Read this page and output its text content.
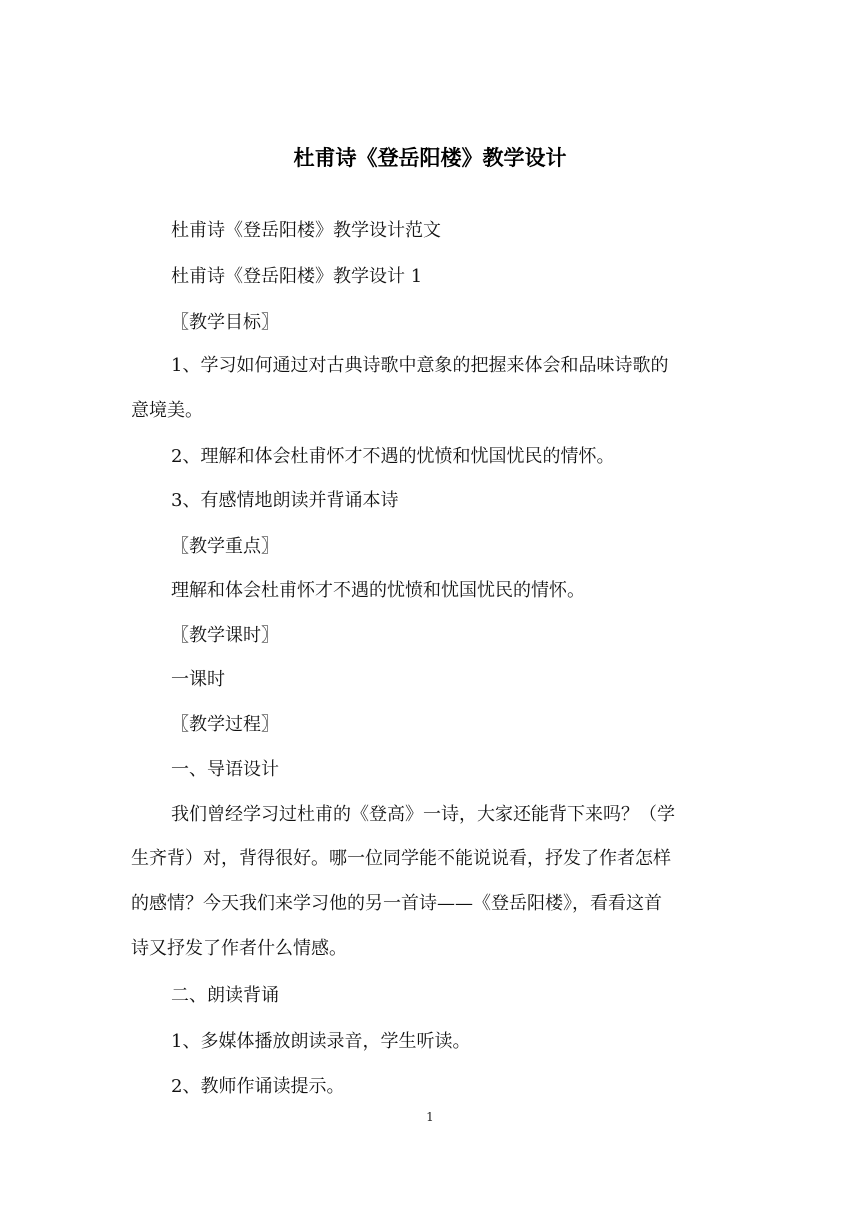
杜甫诗《登岳阳楼》教学设计
杜甫诗《登岳阳楼》教学设计范文
杜甫诗《登岳阳楼》教学设计 1
〖教学目标〗
1、学习如何通过对古典诗歌中意象的把握来体会和品味诗歌的
意境美。
2、理解和体会杜甫怀才不遇的忧愤和忧国忧民的情怀。
3、有感情地朗读并背诵本诗
〖教学重点〗
理解和体会杜甫怀才不遇的忧愤和忧国忧民的情怀。
〖教学课时〗
一课时
〖教学过程〗
一、导语设计
我们曾经学习过杜甫的《登高》一诗，大家还能背下来吗？（学
生齐背）对，背得很好。哪一位同学能不能说说看，抒发了作者怎样
的感情？今天我们来学习他的另一首诗——《登岳阳楼》，看看这首
诗又抒发了作者什么情感。
二、朗读背诵
1、多媒体播放朗读录音，学生听读。
2、教师作诵读提示。
1
